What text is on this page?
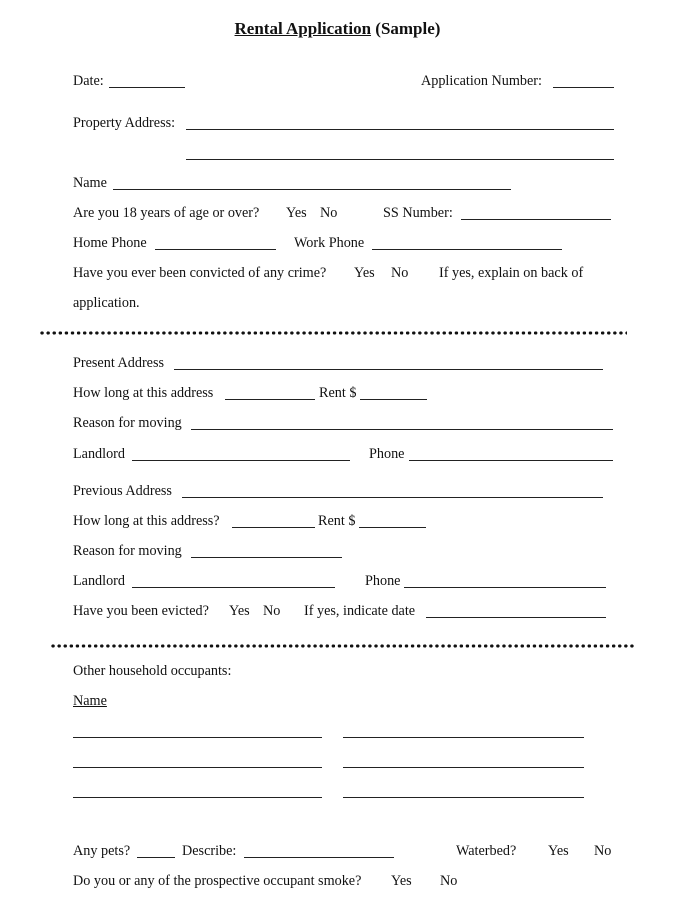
Rental Application (Sample)
Date:	Application Number:
Property Address:
Name
Are you 18 years of age or over? Yes No	SS Number:
Home Phone	Work Phone
Have you ever been convicted of any crime? Yes No If yes, explain on back of
application.
Present Address
How long at this address	Rent $
Reason for moving
Landlord	Phone
Previous Address
How long at this address?	Rent $
Reason for moving
Landlord	Phone
Have you been evicted? Yes No If yes, indicate date
Other household occupants:
Name
Any pets?	Describe:	Waterbed? Yes No
Do you or any of the prospective occupant smoke? Yes No
